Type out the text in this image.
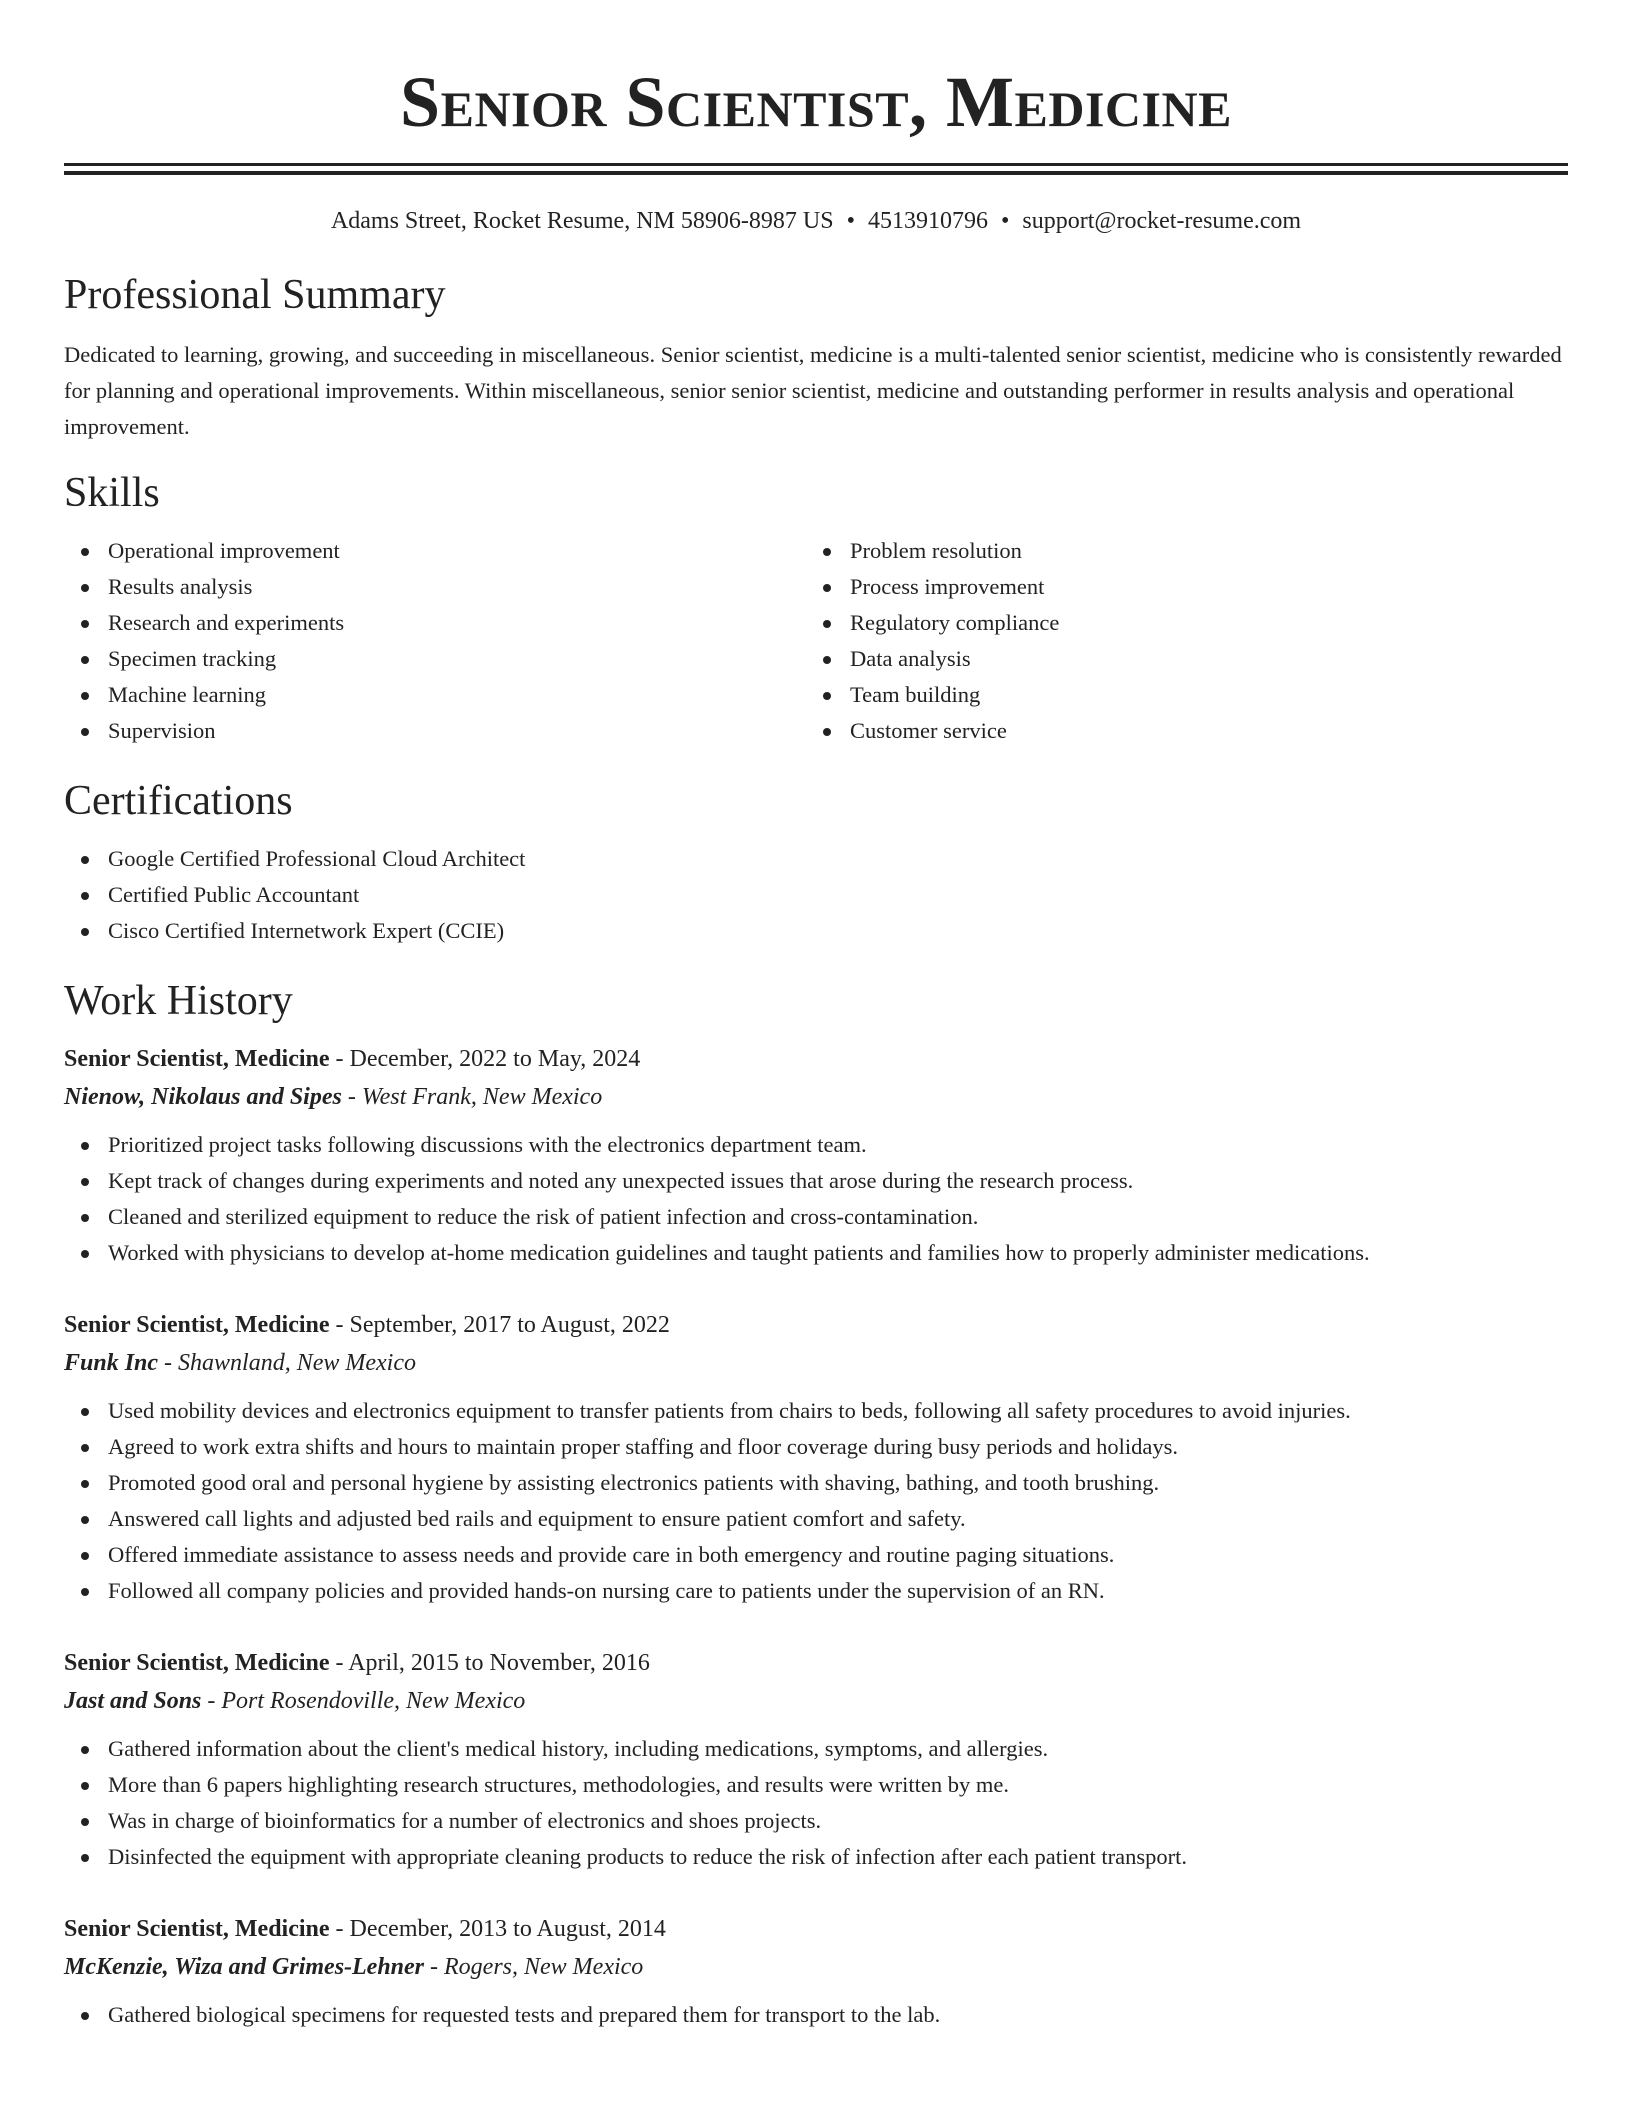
Senior Scientist, Medicine
Adams Street, Rocket Resume, NM 58906-8987 US • 4513910796 • support@rocket-resume.com
Professional Summary

Dedicated to learning, growing, and succeeding in miscellaneous. Senior scientist, medicine is a multi-talented senior scientist, medicine who is consistently rewarded for planning and operational improvements. Within miscellaneous, senior senior scientist, medicine and outstanding performer in results analysis and operational improvement.

Skills
Operational improvement
Results analysis
Research and experiments
Specimen tracking
Machine learning
Supervision
Problem resolution
Process improvement
Regulatory compliance
Data analysis
Team building
Customer service
Certifications
Google Certified Professional Cloud Architect
Certified Public Accountant
Cisco Certified Internetwork Expert (CCIE)
Work History
Senior Scientist, Medicine - December, 2022 to May, 2024
Nienow, Nikolaus and Sipes - West Frank, New Mexico
Prioritized project tasks following discussions with the electronics department team.
Kept track of changes during experiments and noted any unexpected issues that arose during the research process.
Cleaned and sterilized equipment to reduce the risk of patient infection and cross-contamination.
Worked with physicians to develop at-home medication guidelines and taught patients and families how to properly administer medications.
Senior Scientist, Medicine - September, 2017 to August, 2022
Funk Inc - Shawnland, New Mexico
Used mobility devices and electronics equipment to transfer patients from chairs to beds, following all safety procedures to avoid injuries.
Agreed to work extra shifts and hours to maintain proper staffing and floor coverage during busy periods and holidays.
Promoted good oral and personal hygiene by assisting electronics patients with shaving, bathing, and tooth brushing.
Answered call lights and adjusted bed rails and equipment to ensure patient comfort and safety.
Offered immediate assistance to assess needs and provide care in both emergency and routine paging situations.
Followed all company policies and provided hands-on nursing care to patients under the supervision of an RN.
Senior Scientist, Medicine - April, 2015 to November, 2016
Jast and Sons - Port Rosendoville, New Mexico
Gathered information about the client's medical history, including medications, symptoms, and allergies.
More than 6 papers highlighting research structures, methodologies, and results were written by me.
Was in charge of bioinformatics for a number of electronics and shoes projects.
Disinfected the equipment with appropriate cleaning products to reduce the risk of infection after each patient transport.
Senior Scientist, Medicine - December, 2013 to August, 2014
McKenzie, Wiza and Grimes-Lehner - Rogers, New Mexico
Gathered biological specimens for requested tests and prepared them for transport to the lab.
